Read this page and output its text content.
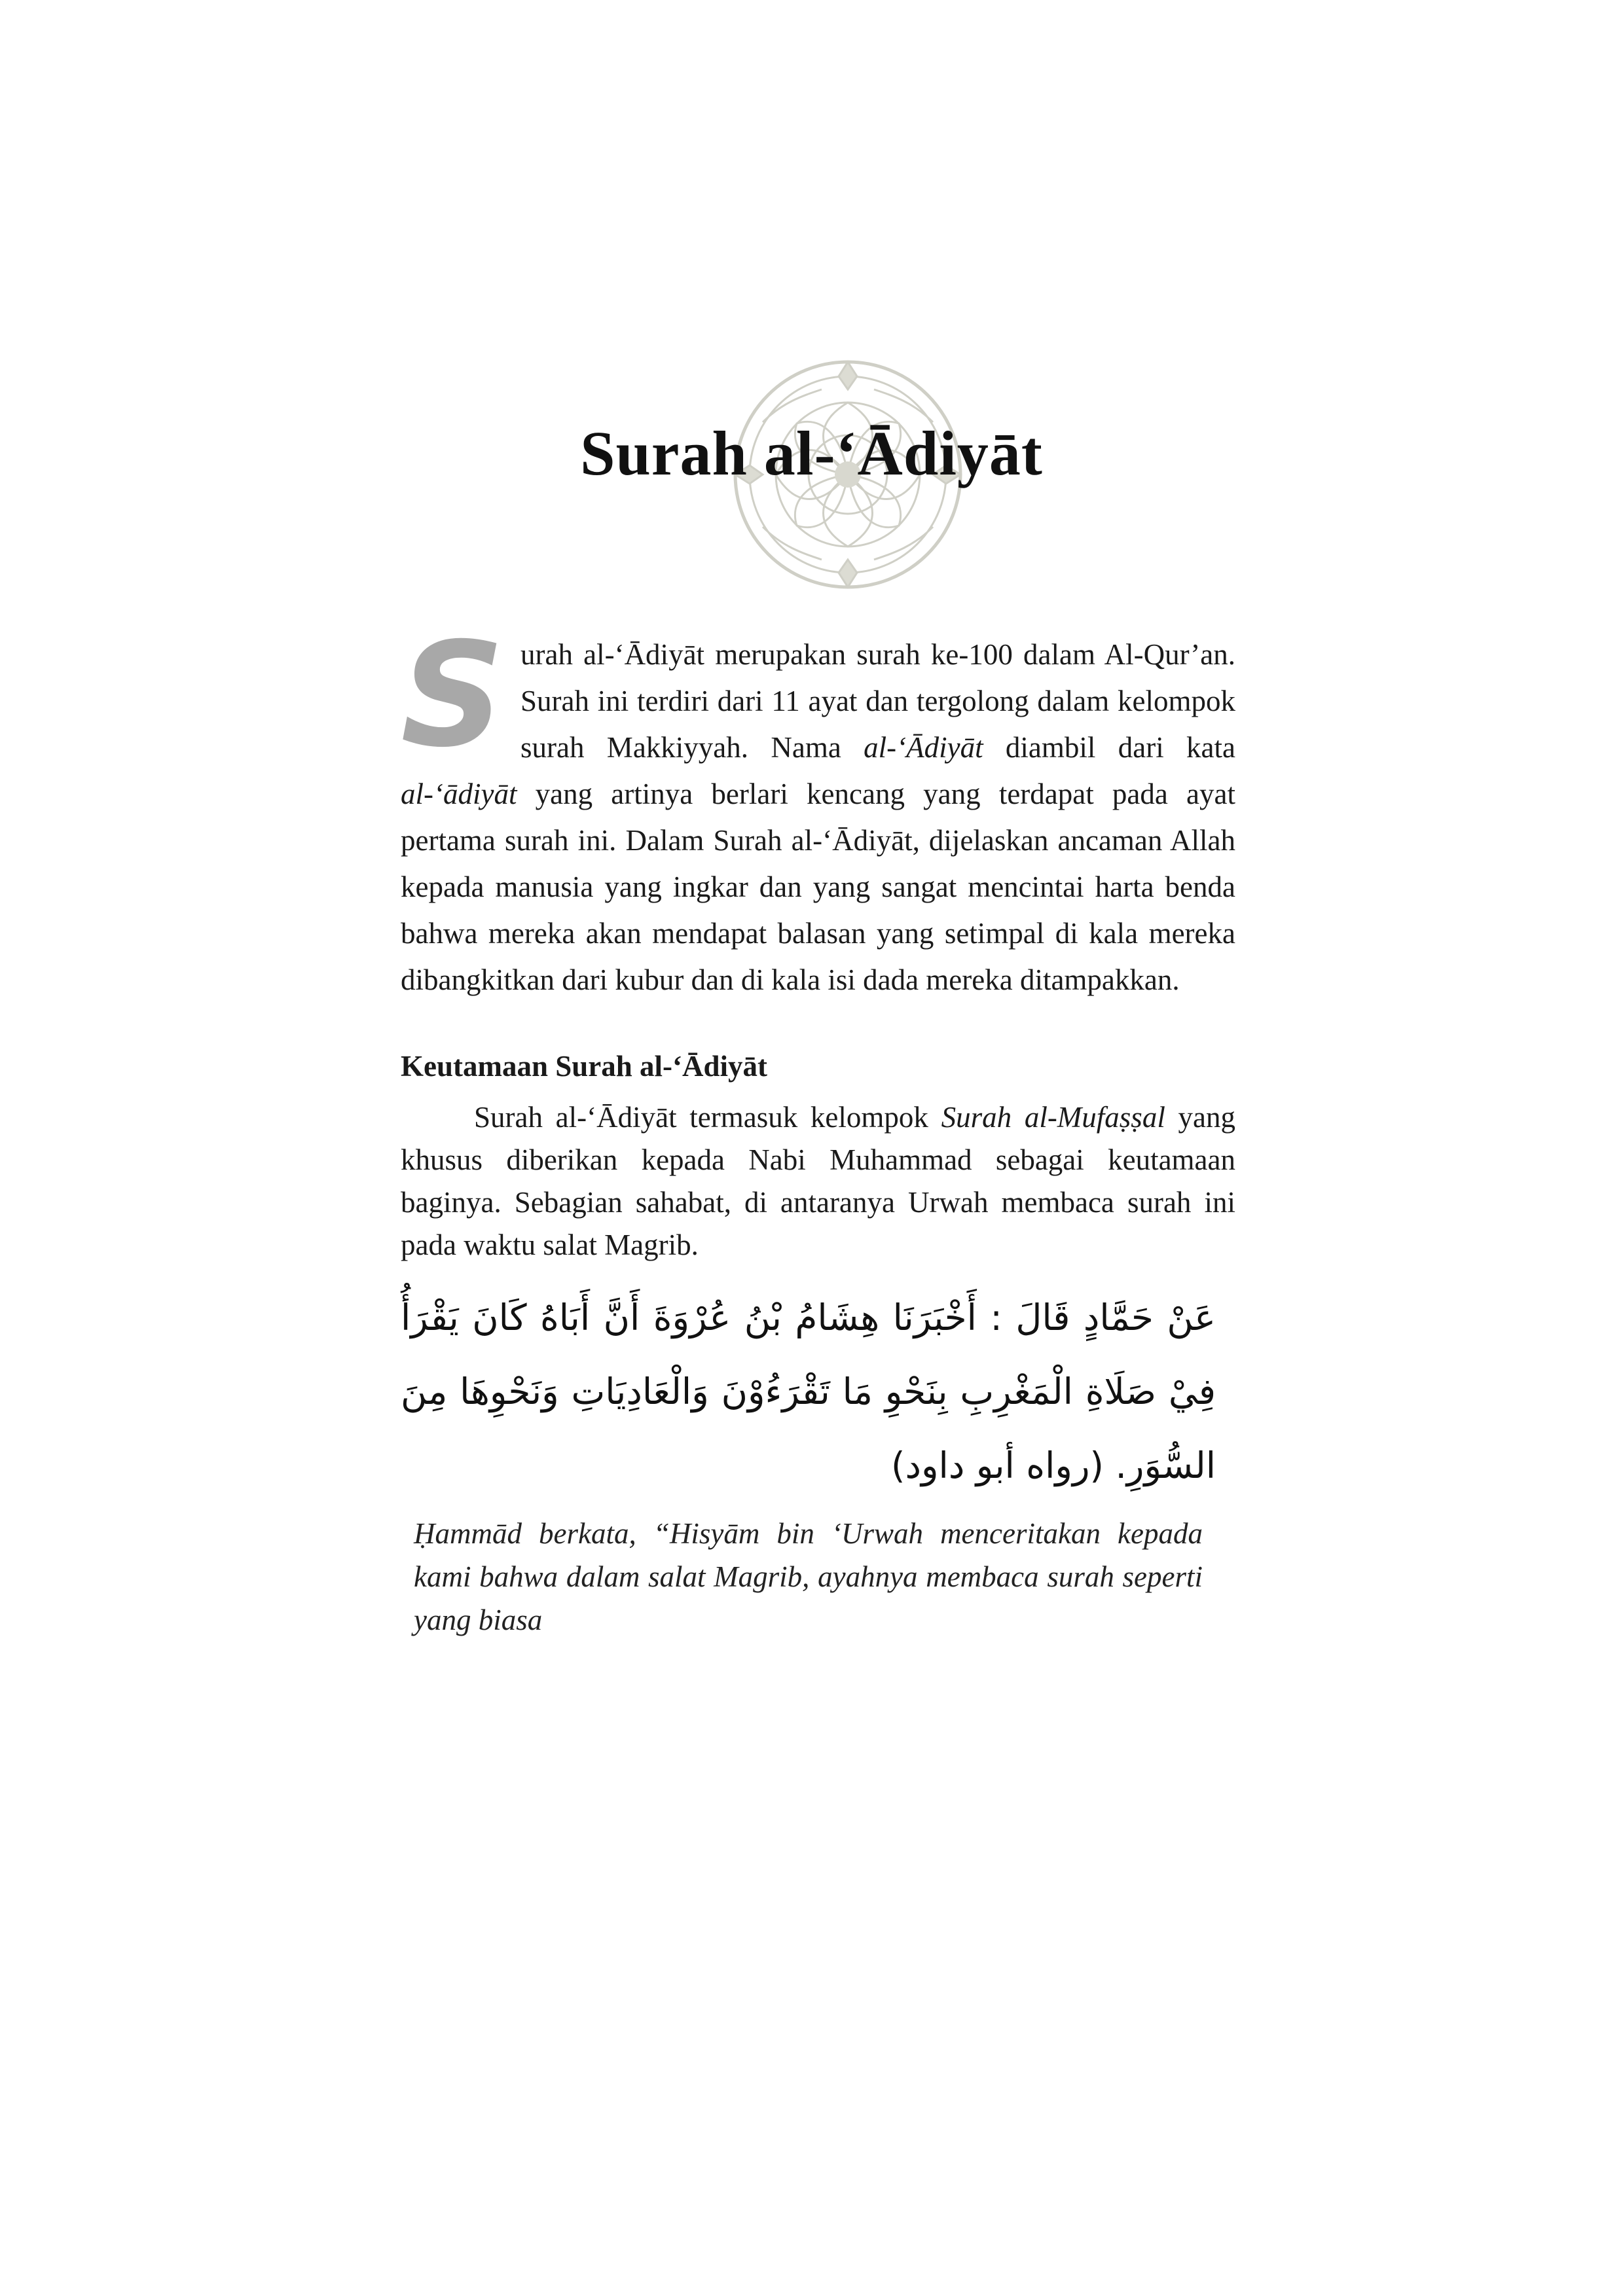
Surah al-‘Ādiyāt

Surah al-‘Ādiyāt merupakan surah ke-100 dalam Al-Qur’an. Surah ini terdiri dari 11 ayat dan tergolong dalam kelompok surah Makkiyyah. Nama al-‘Ādiyāt diambil dari kata al-‘ādiyāt yang artinya berlari kencang yang terdapat pada ayat pertama surah ini. Dalam Surah al-‘Ādiyāt, dijelaskan ancaman Allah kepada manusia yang ingkar dan yang sangat mencintai harta benda bahwa mereka akan mendapat balasan yang setimpal di kala mereka dibangkitkan dari kubur dan di kala isi dada mereka ditampakkan.

Keutamaan Surah al-‘Ādiyāt

Surah al-‘Ādiyāt termasuk kelompok Surah al-Mufaṣṣal yang khusus diberikan kepada Nabi Muhammad sebagai keutamaan baginya. Sebagian sahabat, di antaranya Urwah membaca surah ini pada waktu salat Magrib.

عَنْ حَمَّادٍ قَالَ : أَخْبَرَنَا هِشَامُ بْنُ عُرْوَةَ أَنَّ أَبَاهُ كَانَ يَقْرَأُ فِيْ صَلَاةِ الْمَغْرِبِ بِنَحْوِ مَا تَقْرَءُوْنَ وَالْعَادِيَاتِ وَنَحْوِهَا مِنَ السُّوَرِ. (رواه أبو داود)

Ḥammād berkata, “Hisyām bin ‘Urwah menceritakan kepada kami bahwa dalam salat Magrib, ayahnya membaca surah seperti yang biasa
